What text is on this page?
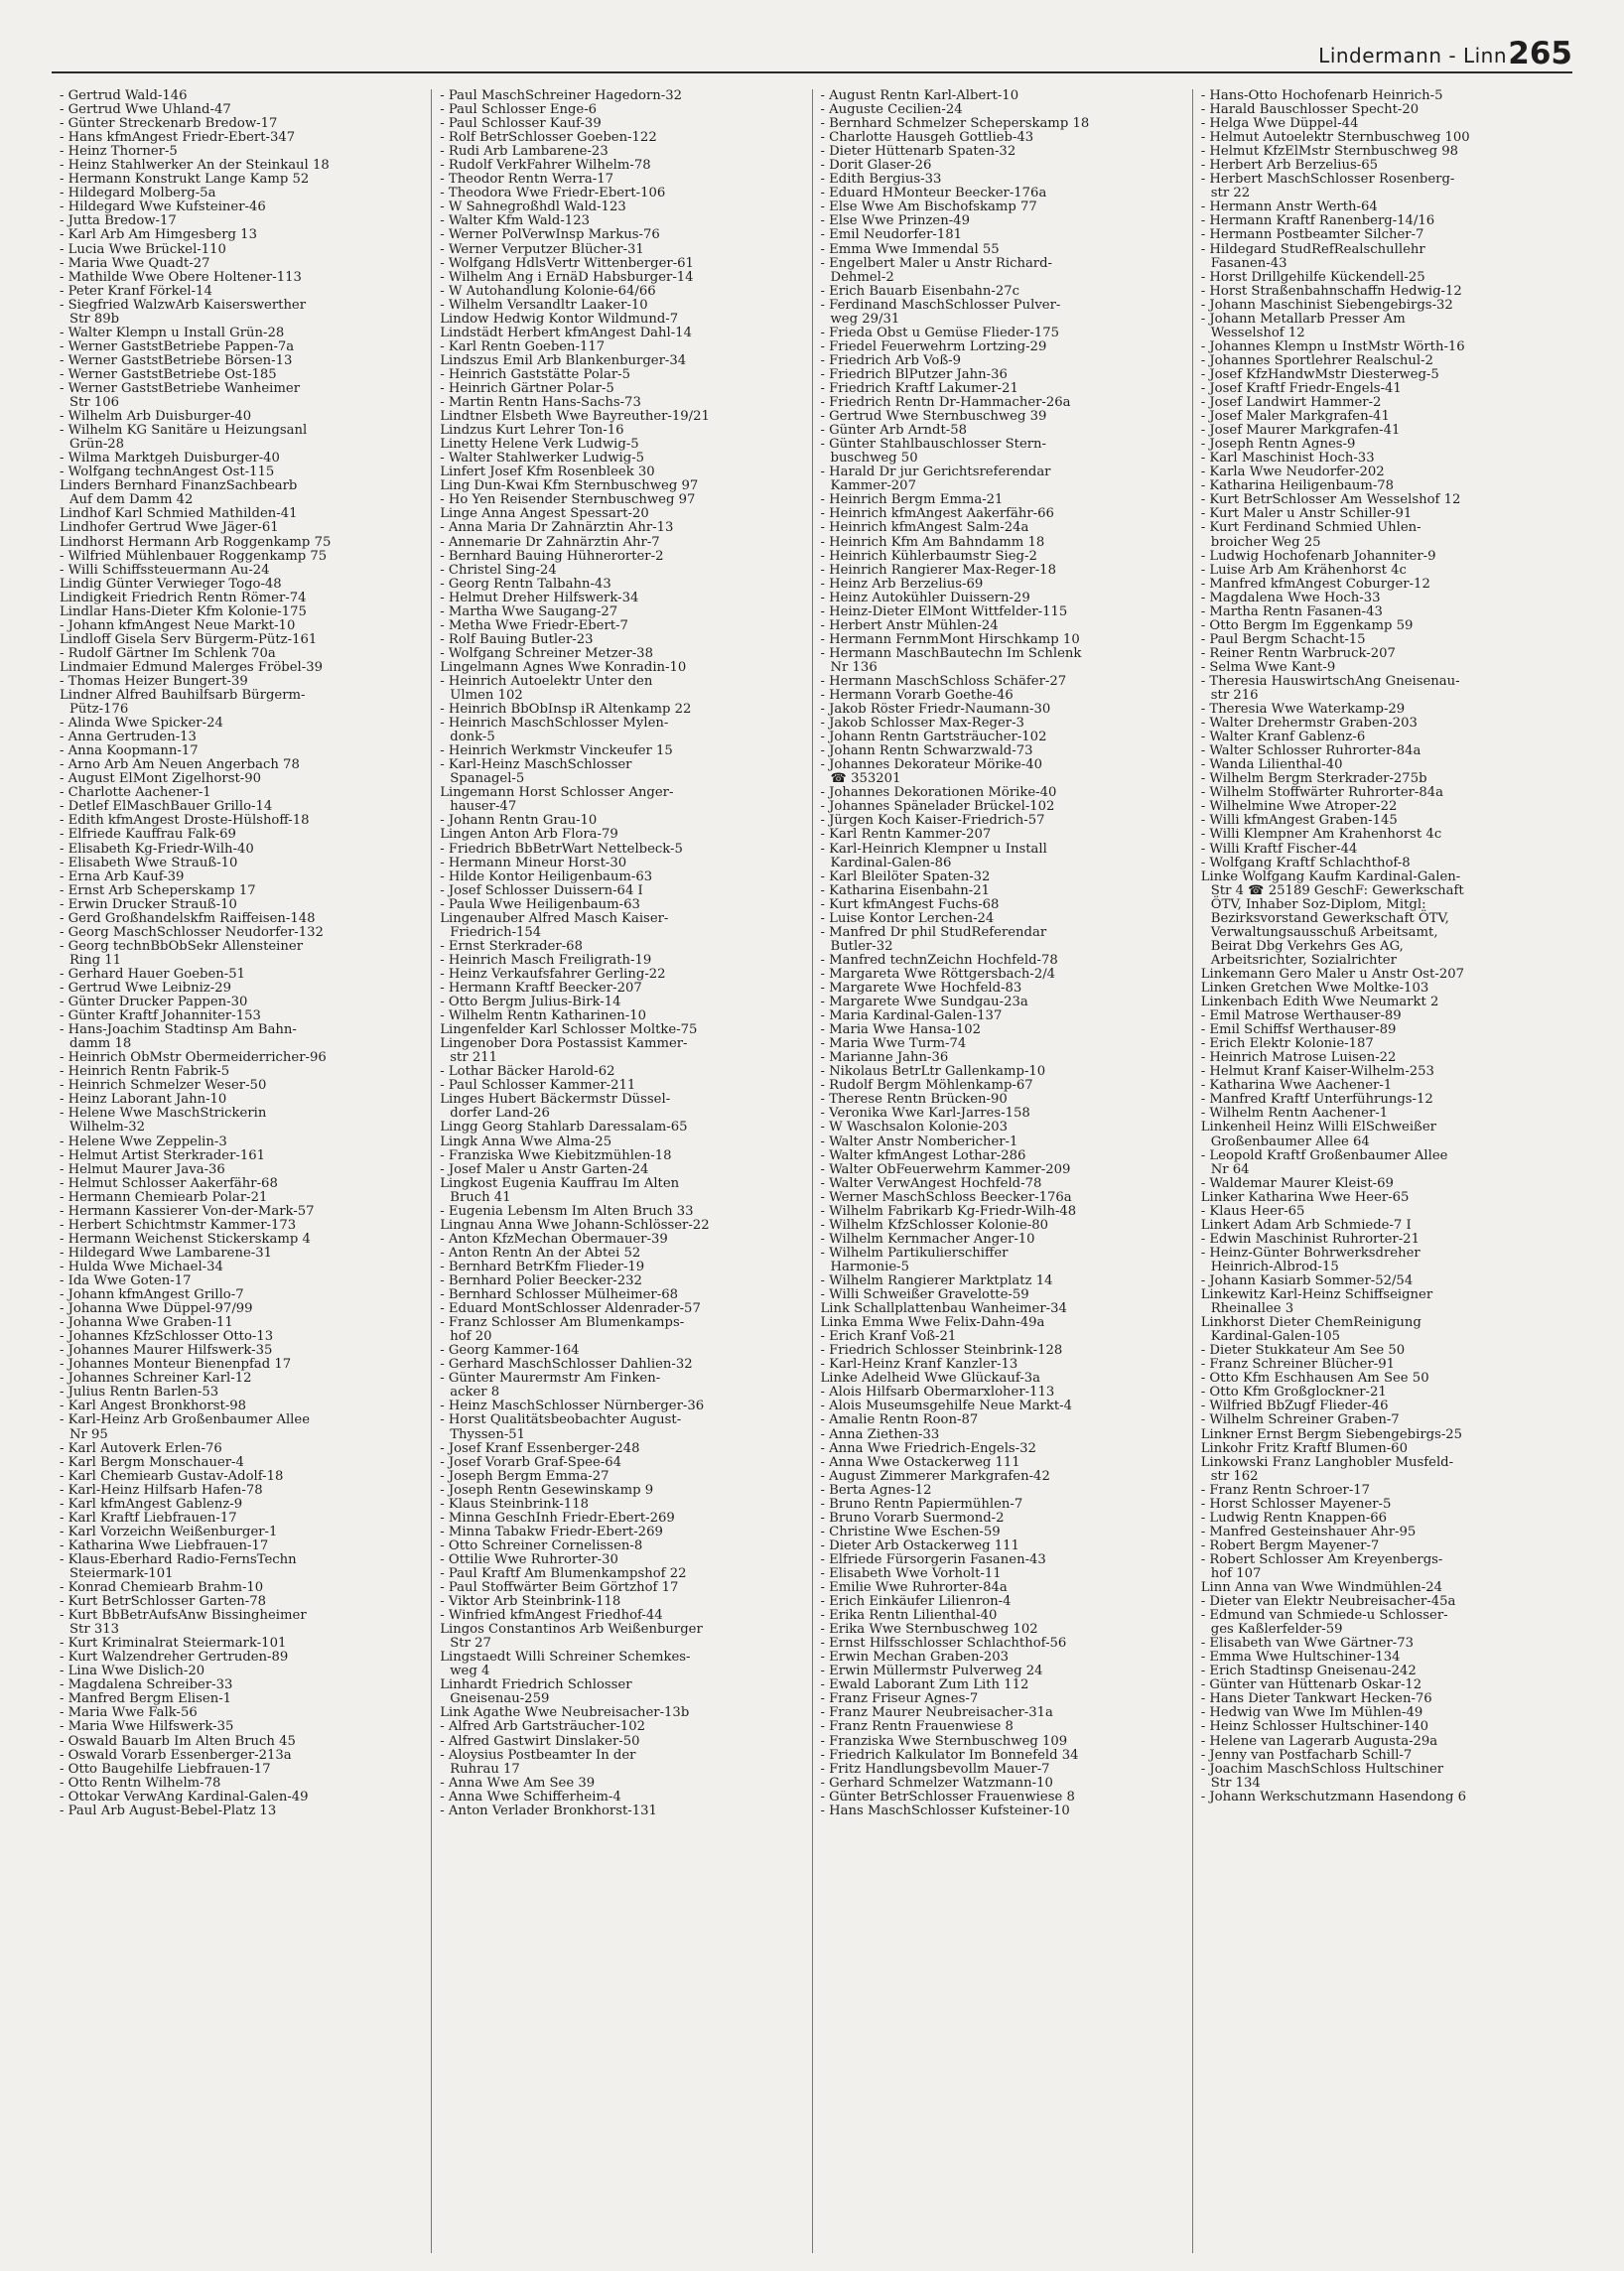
Lindermann - Linn 265
- Gertrud Wald-146
- Gertrud Wwe Uhland-47
- Günter Streckenarb Bredow-17
- Hans kfmAngest Friedr-Ebert-347
- Heinz Thorner-5
- Heinz Stahlwerker An der Steinkaul 18
- Hermann Konstrukt Lange Kamp 52
- Hildegard Molberg-5a
- Hildegard Wwe Kufsteiner-46
- Jutta Bredow-17
- Karl Arb Am Himgesberg 13
- Lucia Wwe Brückel-110
- Maria Wwe Quadt-27
- Mathilde Wwe Obere Holtener-113
- Peter Kranf Förkel-14
- Siegfried WalzwArb Kaiserswerther
Str 89b
- Walter Klempn u Install Grün-28
- Werner GaststBetriebe Pappen-7a
- Werner GaststBetriebe Börsen-13
- Werner GaststBetriebe Ost-185
- Werner GaststBetriebe Wanheimer
Str 106
- Wilhelm Arb Duisburger-40
- Wilhelm KG Sanitäre u Heizungsanl
Grün-28
- Wilma Marktgeh Duisburger-40
- Wolfgang technAngest Ost-115
Linders Bernhard FinanzSachbearb
Auf dem Damm 42
Lindhof Karl Schmied Mathilden-41
Lindhofer Gertrud Wwe Jäger-61
Lindhorst Hermann Arb Roggenkamp 75
- Wilfried Mühlenbauer Roggenkamp 75
- Willi Schiffssteuermann Au-24
Lindig Günter Verwieger Togo-48
Lindigkeit Friedrich Rentn Römer-74
Lindlar Hans-Dieter Kfm Kolonie-175
- Johann kfmAngest Neue Markt-10
Lindloff Gisela Serv Bürgerm-Pütz-161
- Rudolf Gärtner Im Schlenk 70a
Lindmaier Edmund Malerges Fröbel-39
- Thomas Heizer Bungert-39
Lindner Alfred Bauhilfsarb Bürgerm-
Pütz-176
- Alinda Wwe Spicker-24
- Anna Gertruden-13
- Anna Koopmann-17
- Arno Arb Am Neuen Angerbach 78
- August ElMont Zigelhorst-90
- Charlotte Aachener-1
- Detlef ElMaschBauer Grillo-14
- Edith kfmAngest Droste-Hülshoff-18
- Elfriede Kauffrau Falk-69
- Elisabeth Kg-Friedr-Wilh-40
- Elisabeth Wwe Strauß-10
- Erna Arb Kauf-39
- Ernst Arb Scheperskamp 17
- Erwin Drucker Strauß-10
- Gerd Großhandelskfm Raiffeisen-148
- Georg MaschSchlosser Neudorfer-132
- Georg technBbObSekr Allensteiner
Ring 11
- Gerhard Hauer Goeben-51
- Gertrud Wwe Leibniz-29
- Günter Drucker Pappen-30
- Günter Kraftf Johanniter-153
- Hans-Joachim Stadtinsp Am Bahn-
damm 18
- Heinrich ObMstr Obermeiderricher-96
- Heinrich Rentn Fabrik-5
- Heinrich Schmelzer Weser-50
- Heinz Laborant Jahn-10
- Helene Wwe MaschStrickerin
Wilhelm-32
- Helene Wwe Zeppelin-3
- Helmut Artist Sterkrader-161
- Helmut Maurer Java-36
- Helmut Schlosser Aakerfähr-68
- Hermann Chemiearb Polar-21
- Hermann Kassierer Von-der-Mark-57
- Herbert Schichtmstr Kammer-173
- Hermann Weichenst Stickerskamp 4
- Hildegard Wwe Lambarene-31
- Hulda Wwe Michael-34
- Ida Wwe Goten-17
- Johann kfmAngest Grillo-7
- Johanna Wwe Düppel-97/99
- Johanna Wwe Graben-11
- Johannes KfzSchlosser Otto-13
- Johannes Maurer Hilfswerk-35
- Johannes Monteur Bienenpfad 17
- Johannes Schreiner Karl-12
- Julius Rentn Barlen-53
- Karl Angest Bronkhorst-98
- Karl-Heinz Arb Großenbaumer Allee
Nr 95
- Karl Autoverk Erlen-76
- Karl Bergm Monschauer-4
- Karl Chemiearb Gustav-Adolf-18
- Karl-Heinz Hilfsarb Hafen-78
- Karl kfmAngest Gablenz-9
- Karl Kraftf Liebfrauen-17
- Karl Vorzeichn Weißenburger-1
- Katharina Wwe Liebfrauen-17
- Klaus-Eberhard Radio-FernsTechn
Steiermark-101
- Konrad Chemiearb Brahm-10
- Kurt BetrSchlosser Garten-78
- Kurt BbBetrAufsAnw Bissingheimer
Str 313
- Kurt Kriminalrat Steiermark-101
- Kurt Walzendreher Gertruden-89
- Lina Wwe Dislich-20
- Magdalena Schreiber-33
- Manfred Bergm Elisen-1
- Maria Wwe Falk-56
- Maria Wwe Hilfswerk-35
- Oswald Bauarb Im Alten Bruch 45
- Oswald Vorarb Essenberger-213a
- Otto Baugehilfe Liebfrauen-17
- Otto Rentn Wilhelm-78
- Ottokar VerwAng Kardinal-Galen-49
- Paul Arb August-Bebel-Platz 13
- Paul MaschSchreiner Hagedorn-32
- Paul Schlosser Enge-6
- Paul Schlosser Kauf-39
- Rolf BetrSchlosser Goeben-122
- Rudi Arb Lambarene-23
- Rudolf VerkFahrer Wilhelm-78
- Theodor Rentn Werra-17
- Theodora Wwe Friedr-Ebert-106
- W Sahnegroßhdl Wald-123
- Walter Kfm Wald-123
- Werner PolVerwInsp Markus-76
- Werner Verputzer Blücher-31
- Wolfgang HdlsVertr Wittenberger-61
- Wilhelm Ang i ErnäD Habsburger-14
- W Autohandlung Kolonie-64/66
- Wilhelm Versandltr Laaker-10
Lindow Hedwig Kontor Wildmund-7
Lindstädt Herbert kfmAngest Dahl-14
- Karl Rentn Goeben-117
Lindszus Emil Arb Blankenburger-34
- Heinrich Gaststätte Polar-5
- Heinrich Gärtner Polar-5
- Martin Rentn Hans-Sachs-73
Lindtner Elsbeth Wwe Bayreuther-19/21
Lindzus Kurt Lehrer Ton-16
Linetty Helene Verk Ludwig-5
- Walter Stahlwerker Ludwig-5
Linfert Josef Kfm Rosenbleek 30
Ling Dun-Kwai Kfm Sternbuschweg 97
- Ho Yen Reisender Sternbuschweg 97
Linge Anna Angest Spessart-20
- Anna Maria Dr Zahnärztin Ahr-13
- Annemarie Dr Zahnärztin Ahr-7
- Bernhard Bauing Hühnerorter-2
- Christel Sing-24
- Georg Rentn Talbahn-43
- Helmut Dreher Hilfswerk-34
- Martha Wwe Saugang-27
- Metha Wwe Friedr-Ebert-7
- Rolf Bauing Butler-23
- Wolfgang Schreiner Metzer-38
Lingelmann Agnes Wwe Konradin-10
- Heinrich Autoelektr Unter den
Ulmen 102
- Heinrich BbObInsp iR Altenkamp 22
- Heinrich MaschSchlosser Mylen-
donk-5
- Heinrich Werkmstr Vinckeufer 15
- Karl-Heinz MaschSchlosser
Spanagel-5
Lingemann Horst Schlosser Anger-
hauser-47
- Johann Rentn Grau-10
Lingen Anton Arb Flora-79
- Friedrich BbBetrWart Nettelbeck-5
- Hermann Mineur Horst-30
- Hilde Kontor Heiligenbaum-63
- Josef Schlosser Duissern-64 I
- Paula Wwe Heiligenbaum-63
Lingenauber Alfred Masch Kaiser-
Friedrich-154
- Ernst Sterkrader-68
- Heinrich Masch Freiligrath-19
- Heinz Verkaufsfahrer Gerling-22
- Hermann Kraftf Beecker-207
- Otto Bergm Julius-Birk-14
- Wilhelm Rentn Katharinen-10
Lingenfelder Karl Schlosser Moltke-75
Lingenober Dora Postassist Kammer-
str 211
- Lothar Bäcker Harold-62
- Paul Schlosser Kammer-211
Linges Hubert Bäckermstr Düssel-
dorfer Land-26
Lingg Georg Stahlarb Daressalam-65
Lingk Anna Wwe Alma-25
- Franziska Wwe Kiebitzmühlen-18
- Josef Maler u Anstr Garten-24
Lingkost Eugenia Kauffrau Im Alten
Bruch 41
- Eugenia Lebensm Im Alten Bruch 33
Lingnau Anna Wwe Johann-Schlösser-22
- Anton KfzMechan Obermauer-39
- Anton Rentn An der Abtei 52
- Bernhard BetrKfm Flieder-19
- Bernhard Polier Beecker-232
- Bernhard Schlosser Mülheimer-68
- Eduard MontSchlosser Aldenrader-57
- Franz Schlosser Am Blumenkamps-
hof 20
- Georg Kammer-164
- Gerhard MaschSchlosser Dahlien-32
- Günter Maurermstr Am Finken-
acker 8
- Heinz MaschSchlosser Nürnberger-36
- Horst Qualitätsbeobachter August-
Thyssen-51
- Josef Kranf Essenberger-248
- Josef Vorarb Graf-Spee-64
- Joseph Bergm Emma-27
- Joseph Rentn Gesewinskamp 9
- Klaus Steinbrink-118
- Minna GeschInh Friedr-Ebert-269
- Minna Tabakw Friedr-Ebert-269
- Otto Schreiner Cornelissen-8
- Ottilie Wwe Ruhrorter-30
- Paul Kraftf Am Blumenkampshof 22
- Paul Stoffwärter Beim Görtzhof 17
- Viktor Arb Steinbrink-118
- Winfried kfmAngest Friedhof-44
Lingos Constantinos Arb Weißenburger
Str 27
Lingstaedt Willi Schreiner Schemkes-
weg 4
Linhardt Friedrich Schlosser
Gneisenau-259
Link Agathe Wwe Neubreisacher-13b
- Alfred Arb Gartsträucher-102
- Alfred Gastwirt Dinslaker-50
- Aloysius Postbeamter In der
Ruhrau 17
- Anna Wwe Am See 39
- Anna Wwe Schifferheim-4
- Anton Verlader Bronkhorst-131
- August Rentn Karl-Albert-10
- Auguste Cecilien-24
- Bernhard Schmelzer Scheperskamp 18
- Charlotte Hausgeh Gottlieb-43
- Dieter Hüttenarb Spaten-32
- Dorit Glaser-26
- Edith Bergius-33
- Eduard HMonteur Beecker-176a
- Else Wwe Am Bischofskamp 77
- Else Wwe Prinzen-49
- Emil Neudorfer-181
- Emma Wwe Immendal 55
- Engelbert Maler u Anstr Richard-
Dehmel-2
- Erich Bauarb Eisenbahn-27c
- Ferdinand MaschSchlosser Pulver-
weg 29/31
- Frieda Obst u Gemüse Flieder-175
- Friedel Feuerwehrm Lortzing-29
- Friedrich Arb Voß-9
- Friedrich BlPutzer Jahn-36
- Friedrich Kraftf Lakumer-21
- Friedrich Rentn Dr-Hammacher-26a
- Gertrud Wwe Sternbuschweg 39
- Günter Arb Arndt-58
- Günter Stahlbauschlosser Stern-
buschweg 50
- Harald Dr jur Gerichtsreferendar
Kammer-207
- Heinrich Bergm Emma-21
- Heinrich kfmAngest Aakerfähr-66
- Heinrich kfmAngest Salm-24a
- Heinrich Kfm Am Bahndamm 18
- Heinrich Kühlerbaumstr Sieg-2
- Heinrich Rangierer Max-Reger-18
- Heinz Arb Berzelius-69
- Heinz Autokühler Duissern-29
- Heinz-Dieter ElMont Wittfelder-115
- Herbert Anstr Mühlen-24
- Hermann FernmMont Hirschkamp 10
- Hermann MaschBautechn Im Schlenk
Nr 136
- Hermann MaschSchloss Schäfer-27
- Hermann Vorarb Goethe-46
- Jakob Röster Friedr-Naumann-30
- Jakob Schlosser Max-Reger-3
- Johann Rentn Gartsträucher-102
- Johann Rentn Schwarzwald-73
- Johannes Dekorateur Mörike-40
☎ 353201
- Johannes Dekorationen Mörike-40
- Johannes Spänelader Brückel-102
- Jürgen Koch Kaiser-Friedrich-57
- Karl Rentn Kammer-207
- Karl-Heinrich Klempner u Install
Kardinal-Galen-86
- Karl Bleilöter Spaten-32
- Katharina Eisenbahn-21
- Kurt kfmAngest Fuchs-68
- Luise Kontor Lerchen-24
- Manfred Dr phil StudReferendar
Butler-32
- Manfred technZeichn Hochfeld-78
- Margareta Wwe Röttgersbach-2/4
- Margarete Wwe Hochfeld-83
- Margarete Wwe Sundgau-23a
- Maria Kardinal-Galen-137
- Maria Wwe Hansa-102
- Maria Wwe Turm-74
- Marianne Jahn-36
- Nikolaus BetrLtr Gallenkamp-10
- Rudolf Bergm Möhlenkamp-67
- Therese Rentn Brücken-90
- Veronika Wwe Karl-Jarres-158
- W Waschsalon Kolonie-203
- Walter Anstr Nombericher-1
- Walter kfmAngest Lothar-286
- Walter ObFeuerwehrm Kammer-209
- Walter VerwAngest Hochfeld-78
- Werner MaschSchloss Beecker-176a
- Wilhelm Fabrikarb Kg-Friedr-Wilh-48
- Wilhelm KfzSchlosser Kolonie-80
- Wilhelm Kernmacher Anger-10
- Wilhelm Partikulierschiffer
Harmonie-5
- Wilhelm Rangierer Marktplatz 14
- Willi Schweißer Gravelotte-59
Link Schallplattenbau Wanheimer-34
Linka Emma Wwe Felix-Dahn-49a
- Erich Kranf Voß-21
- Friedrich Schlosser Steinbrink-128
- Karl-Heinz Kranf Kanzler-13
Linke Adelheid Wwe Glückauf-3a
- Alois Hilfsarb Obermarxloher-113
- Alois Museumsgehilfe Neue Markt-4
- Amalie Rentn Roon-87
- Anna Ziethen-33
- Anna Wwe Friedrich-Engels-32
- Anna Wwe Ostackerweg 111
- August Zimmerer Markgrafen-42
- Berta Agnes-12
- Bruno Rentn Papiermühlen-7
- Bruno Vorarb Suermond-2
- Christine Wwe Eschen-59
- Dieter Arb Ostackerweg 111
- Elfriede Fürsorgerin Fasanen-43
- Elisabeth Wwe Vorholt-11
- Emilie Wwe Ruhrorter-84a
- Erich Einkäufer Lilienron-4
- Erika Rentn Lilienthal-40
- Erika Wwe Sternbuschweg 102
- Ernst Hilfsschlosser Schlachthof-56
- Erwin Mechan Graben-203
- Erwin Müllermstr Pulverweg 24
- Ewald Laborant Zum Lith 112
- Franz Friseur Agnes-7
- Franz Maurer Neubreisacher-31a
- Franz Rentn Frauenwiese 8
- Franziska Wwe Sternbuschweg 109
- Friedrich Kalkulator Im Bonnefeld 34
- Fritz Handlungsbevollm Mauer-7
- Gerhard Schmelzer Watzmann-10
- Günter BetrSchlosser Frauenwiese 8
- Hans MaschSchlosser Kufsteiner-10
- Hans-Otto Hochofenarb Heinrich-5
- Harald Bauschlosser Specht-20
- Helga Wwe Düppel-44
- Helmut Autoelektr Sternbuschweg 100
- Helmut KfzElMstr Sternbuschweg 98
- Herbert Arb Berzelius-65
- Herbert MaschSchlosser Rosenberg-
str 22
- Hermann Anstr Werth-64
- Hermann Kraftf Ranenberg-14/16
- Hermann Postbeamter Silcher-7
- Hildegard StudRefRealschullehr
Fasanen-43
- Horst Drillgehilfe Kückendell-25
- Horst Straßenbahnschaffn Hedwig-12
- Johann Maschinist Siebengebirgs-32
- Johann Metallarb Presser Am
Wesselshof 12
- Johannes Klempn u InstMstr Wörth-16
- Johannes Sportlehrer Realschul-2
- Josef KfzHandwMstr Diesterweg-5
- Josef Kraftf Friedr-Engels-41
- Josef Landwirt Hammer-2
- Josef Maler Markgrafen-41
- Josef Maurer Markgrafen-41
- Joseph Rentn Agnes-9
- Karl Maschinist Hoch-33
- Karla Wwe Neudorfer-202
- Katharina Heiligenbaum-78
- Kurt BetrSchlosser Am Wesselshof 12
- Kurt Maler u Anstr Schiller-91
- Kurt Ferdinand Schmied Uhlen-
broicher Weg 25
- Ludwig Hochofenarb Johanniter-9
- Luise Arb Am Krähenhorst 4c
- Manfred kfmAngest Coburger-12
- Magdalena Wwe Hoch-33
- Martha Rentn Fasanen-43
- Otto Bergm Im Eggenkamp 59
- Paul Bergm Schacht-15
- Reiner Rentn Warbruck-207
- Selma Wwe Kant-9
- Theresia HauswirtschAng Gneisenau-
str 216
- Theresia Wwe Waterkamp-29
- Walter Drehermstr Graben-203
- Walter Kranf Gablenz-6
- Walter Schlosser Ruhrorter-84a
- Wanda Lilienthal-40
- Wilhelm Bergm Sterkrader-275b
- Wilhelm Stoffwärter Ruhrorter-84a
- Wilhelmine Wwe Atroper-22
- Willi kfmAngest Graben-145
- Willi Klempner Am Krahenhorst 4c
- Willi Kraftf Fischer-44
- Wolfgang Kraftf Schlachthof-8
Linke Wolfgang Kaufm Kardinal-Galen-
Str 4 ☎ 25189 GeschF: Gewerkschaft
ÖTV, Inhaber Soz-Diplom, Mitgl:
Bezirksvorstand Gewerkschaft ÖTV,
Verwaltungsausschuß Arbeitsamt,
Beirat Dbg Verkehrs Ges AG,
Arbeitsrichter, Sozialrichter
Linkemann Gero Maler u Anstr Ost-207
Linken Gretchen Wwe Moltke-103
Linkenbach Edith Wwe Neumarkt 2
- Emil Matrose Werthauser-89
- Emil Schiffsf Werthauser-89
- Erich Elektr Kolonie-187
- Heinrich Matrose Luisen-22
- Helmut Kranf Kaiser-Wilhelm-253
- Katharina Wwe Aachener-1
- Manfred Kraftf Unterführungs-12
- Wilhelm Rentn Aachener-1
Linkenheil Heinz Willi ElSchweißer
Großenbaumer Allee 64
- Leopold Kraftf Großenbaumer Allee
Nr 64
- Waldemar Maurer Kleist-69
Linker Katharina Wwe Heer-65
- Klaus Heer-65
Linkert Adam Arb Schmiede-7 I
- Edwin Maschinist Ruhrorter-21
- Heinz-Günter Bohrwerksdreher
Heinrich-Albrod-15
- Johann Kasiarb Sommer-52/54
Linkewitz Karl-Heinz Schiffseigner
Rheinallee 3
Linkhorst Dieter ChemReinigung
Kardinal-Galen-105
- Dieter Stukkateur Am See 50
- Franz Schreiner Blücher-91
- Otto Kfm Eschhausen Am See 50
- Otto Kfm Großglockner-21
- Wilfried BbZugf Flieder-46
- Wilhelm Schreiner Graben-7
Linkner Ernst Bergm Siebengebirgs-25
Linkohr Fritz Kraftf Blumen-60
Linkowski Franz Langhobler Musfeld-
str 162
- Franz Rentn Schroer-17
- Horst Schlosser Mayener-5
- Ludwig Rentn Knappen-66
- Manfred Gesteinshauer Ahr-95
- Robert Bergm Mayener-7
- Robert Schlosser Am Kreyenbergs-
hof 107
Linn Anna van Wwe Windmühlen-24
- Dieter van Elektr Neubreisacher-45a
- Edmund van Schmiede-u Schlosser-
ges Kaßlerfelder-59
- Elisabeth van Wwe Gärtner-73
- Emma Wwe Hultschiner-134
- Erich Stadtinsp Gneisenau-242
- Günter van Hüttenarb Oskar-12
- Hans Dieter Tankwart Hecken-76
- Hedwig van Wwe Im Mühlen-49
- Heinz Schlosser Hultschiner-140
- Helene van Lagerarb Augusta-29a
- Jenny van Postfacharb Schill-7
- Joachim MaschSchloss Hultschiner
Str 134
- Johann Werkschutzmann Hasendong 6
